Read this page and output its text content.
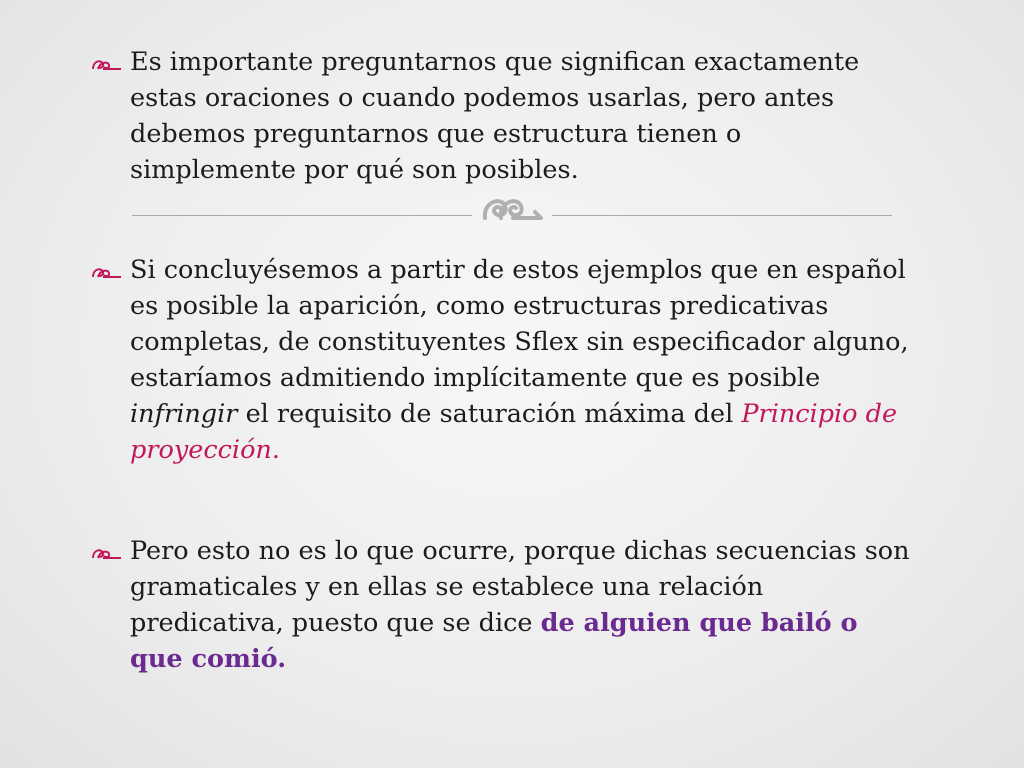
Es importante preguntarnos que significan exactamente estas oraciones o cuando podemos usarlas, pero antes debemos preguntarnos que estructura tienen o simplemente por qué son posibles.
Si concluyésemos a partir de estos ejemplos que en español es posible la aparición, como estructuras predicativas completas, de constituyentes Sflex sin especificador alguno, estaríamos admitiendo implícitamente que es posible infringir el requisito de saturación máxima del Principio de proyección.
Pero esto no es lo que ocurre, porque dichas secuencias son gramaticales y en ellas se establece una relación predicativa, puesto que se dice de alguien que bailó o que comió.
